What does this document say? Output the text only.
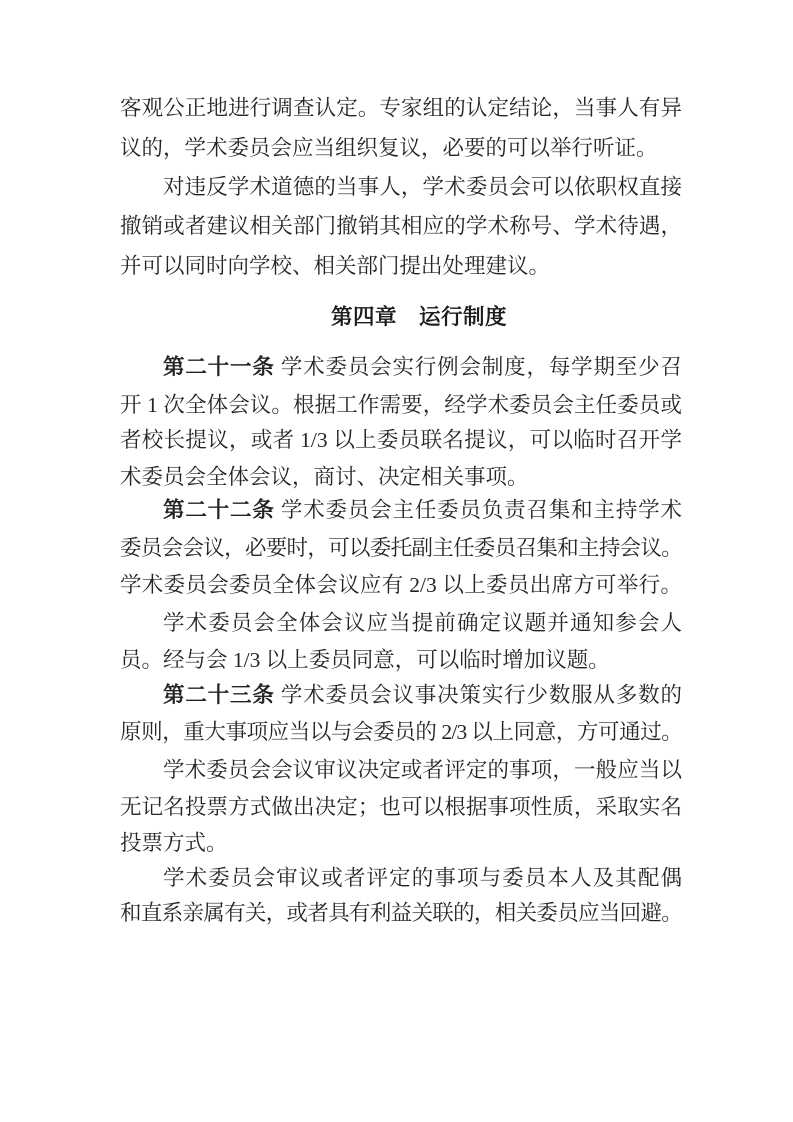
客观公正地进行调查认定。专家组的认定结论，当事人有异
议的，学术委员会应当组织复议，必要的可以举行听证。
对违反学术道德的当事人，学术委员会可以依职权直接
撤销或者建议相关部门撤销其相应的学术称号、学术待遇，
并可以同时向学校、相关部门提出处理建议。
第四章　运行制度
第二十一条 学术委员会实行例会制度，每学期至少召
开 1 次全体会议。根据工作需要，经学术委员会主任委员或
者校长提议，或者 1/3 以上委员联名提议，可以临时召开学
术委员会全体会议，商讨、决定相关事项。
第二十二条 学术委员会主任委员负责召集和主持学术
委员会会议，必要时，可以委托副主任委员召集和主持会议。
学术委员会委员全体会议应有 2/3 以上委员出席方可举行。
学术委员会全体会议应当提前确定议题并通知参会人
员。经与会 1/3 以上委员同意，可以临时增加议题。
第二十三条 学术委员会议事决策实行少数服从多数的
原则，重大事项应当以与会委员的 2/3 以上同意，方可通过。
学术委员会会议审议决定或者评定的事项，一般应当以
无记名投票方式做出决定；也可以根据事项性质，采取实名
投票方式。
学术委员会审议或者评定的事项与委员本人及其配偶
和直系亲属有关，或者具有利益关联的，相关委员应当回避。
